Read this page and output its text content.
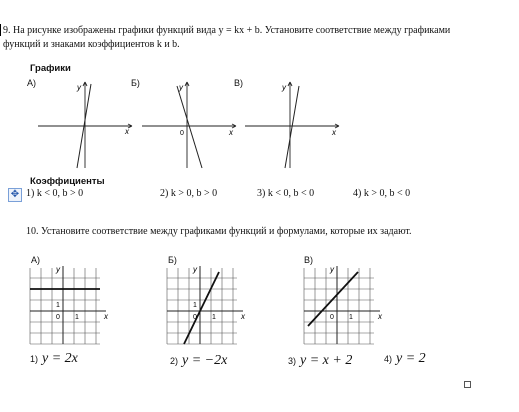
9. На рисунке изображены графики функций вида y = kx + b. Установите соответствие между графиками
функций и знаками коэффициентов k и b.
Графики
А)	Б)	В)
y
x
y
x
0
y
x
Коэффициенты
✥ 1) k < 0, b > 0	2) k > 0, b > 0	3) k < 0, b < 0	4) k > 0, b < 0
10. Установите соответствие между графиками функций и формулами, которые их задают.
А)	Б)	В)
y
x
0
1
1
y
x
0
1
1
y
x
0 1
1) y = 2x	2) y = −2x	3) y = x + 2	4) y = 2
